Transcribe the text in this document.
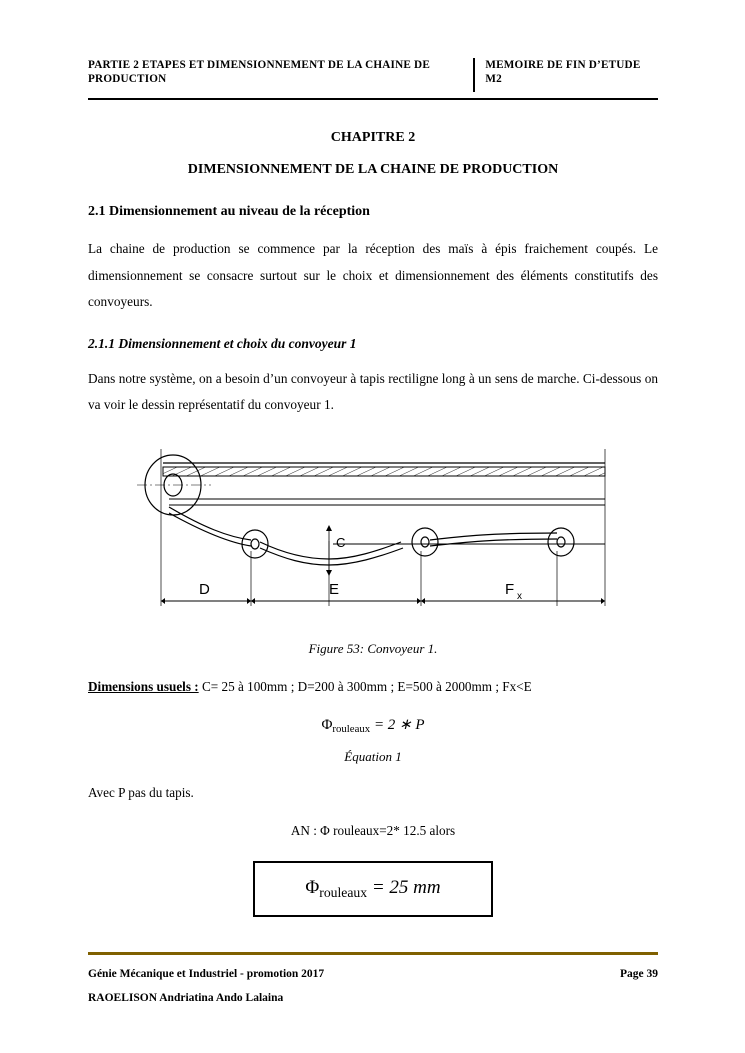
PARTIE 2 ETAPES ET DIMENSIONNEMENT DE LA CHAINE DE PRODUCTION
MEMOIRE DE FIN D’ETUDE M2
CHAPITRE 2
DIMENSIONNEMENT DE LA CHAINE DE PRODUCTION
2.1 Dimensionnement au niveau de la réception

La chaine de production se commence par la réception des maïs à épis fraichement coupés. Le dimensionnement se consacre surtout sur le choix et dimensionnement des éléments constitutifs des convoyeurs.

2.1.1 Dimensionnement et choix du convoyeur 1

Dans notre système, on a besoin d’un convoyeur à tapis rectiligne long à un sens de marche. Ci-dessous on va voir le dessin représentatif du convoyeur 1.

C
D	E	F x
Figure 53: Convoyeur 1.
Dimensions usuels : C= 25 à 100mm ; D=200 à 300mm ; E=500 à 2000mm ; Fx<E
$\Phi_{rouleaux} = 2$ ∗ P
Équation 1
Avec P pas du tapis.
AN : Φ rouleaux=2* 12.5 alors
$\Phi_{rouleaux} = 25$ mm
Génie Mécanique et Industriel - promotion 2017	Page 39
RAOELISON Andriatina Ando Lalaina
